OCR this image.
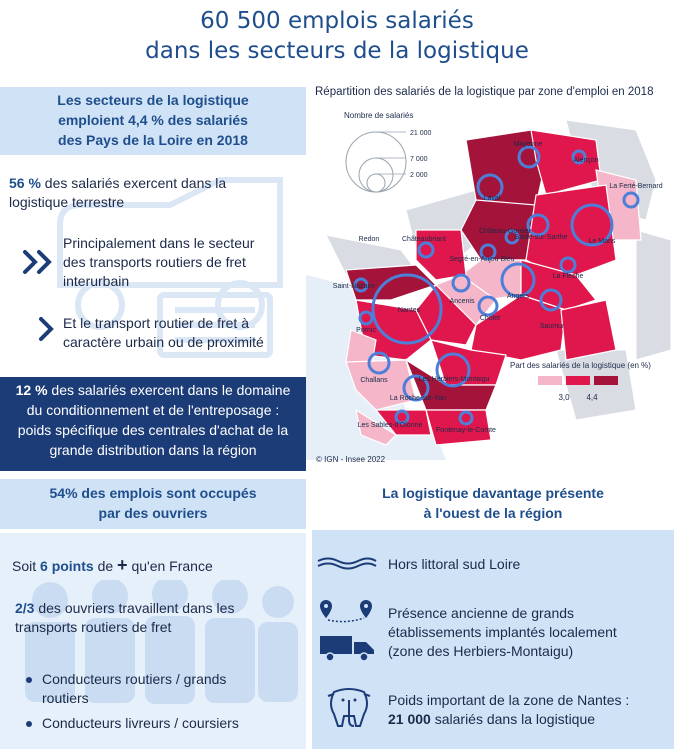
60 500 emplois salariés
dans les secteurs de la logistique
Les secteurs de la logistique
emploient 4,4 % des salariés
des Pays de la Loire en 2018
56 % des salariés exercent dans la
logistique terrestre
Principalement dans le secteur
des transports routiers de fret
interurbain
Et le transport routier de fret à
caractère urbain ou de proximité
12 % des salariés exercent dans le domaine
du conditionnement et de l'entreposage :
poids spécifique des centrales d'achat de la
grande distribution dans la région
Répartition des salariés de la logistique par zone d'emploi en 2018
Mayenne
Alençon
La Ferté-Bernard
Laval
Château-Gontier
Sablé-sur-Sarthe
Le Mans
Châteaubriant
Redon
Segré-en-Anjou Bleu
La Flèche
Saint-Nazaire
Ancenis
Angers
Nantes
Pornic
Cholet
Saumur
Challans	Les Herbiers-Montaigu
La Roche-sur-Yon
Les Sables-d'Olonne
Fontenay-le-Comte
Nombre de salariés
21 000
7 000
2 000
Part des salariés de la logistique (en %)
3,0 4,4
© IGN - Insee 2022
54% des emplois sont occupés
par des ouvriers
Soit 6 points de + qu'en France
2/3 des ouvriers travaillent dans les
transports routiers de fret
Conducteurs routiers / grands
routiers
Conducteurs livreurs / coursiers
La logistique davantage présente
à l'ouest de la région
Hors littoral sud Loire
Présence ancienne de grands
établissements implantés localement
(zone des Herbiers-Montaigu)
Poids important de la zone de Nantes :
21 000 salariés dans la logistique
